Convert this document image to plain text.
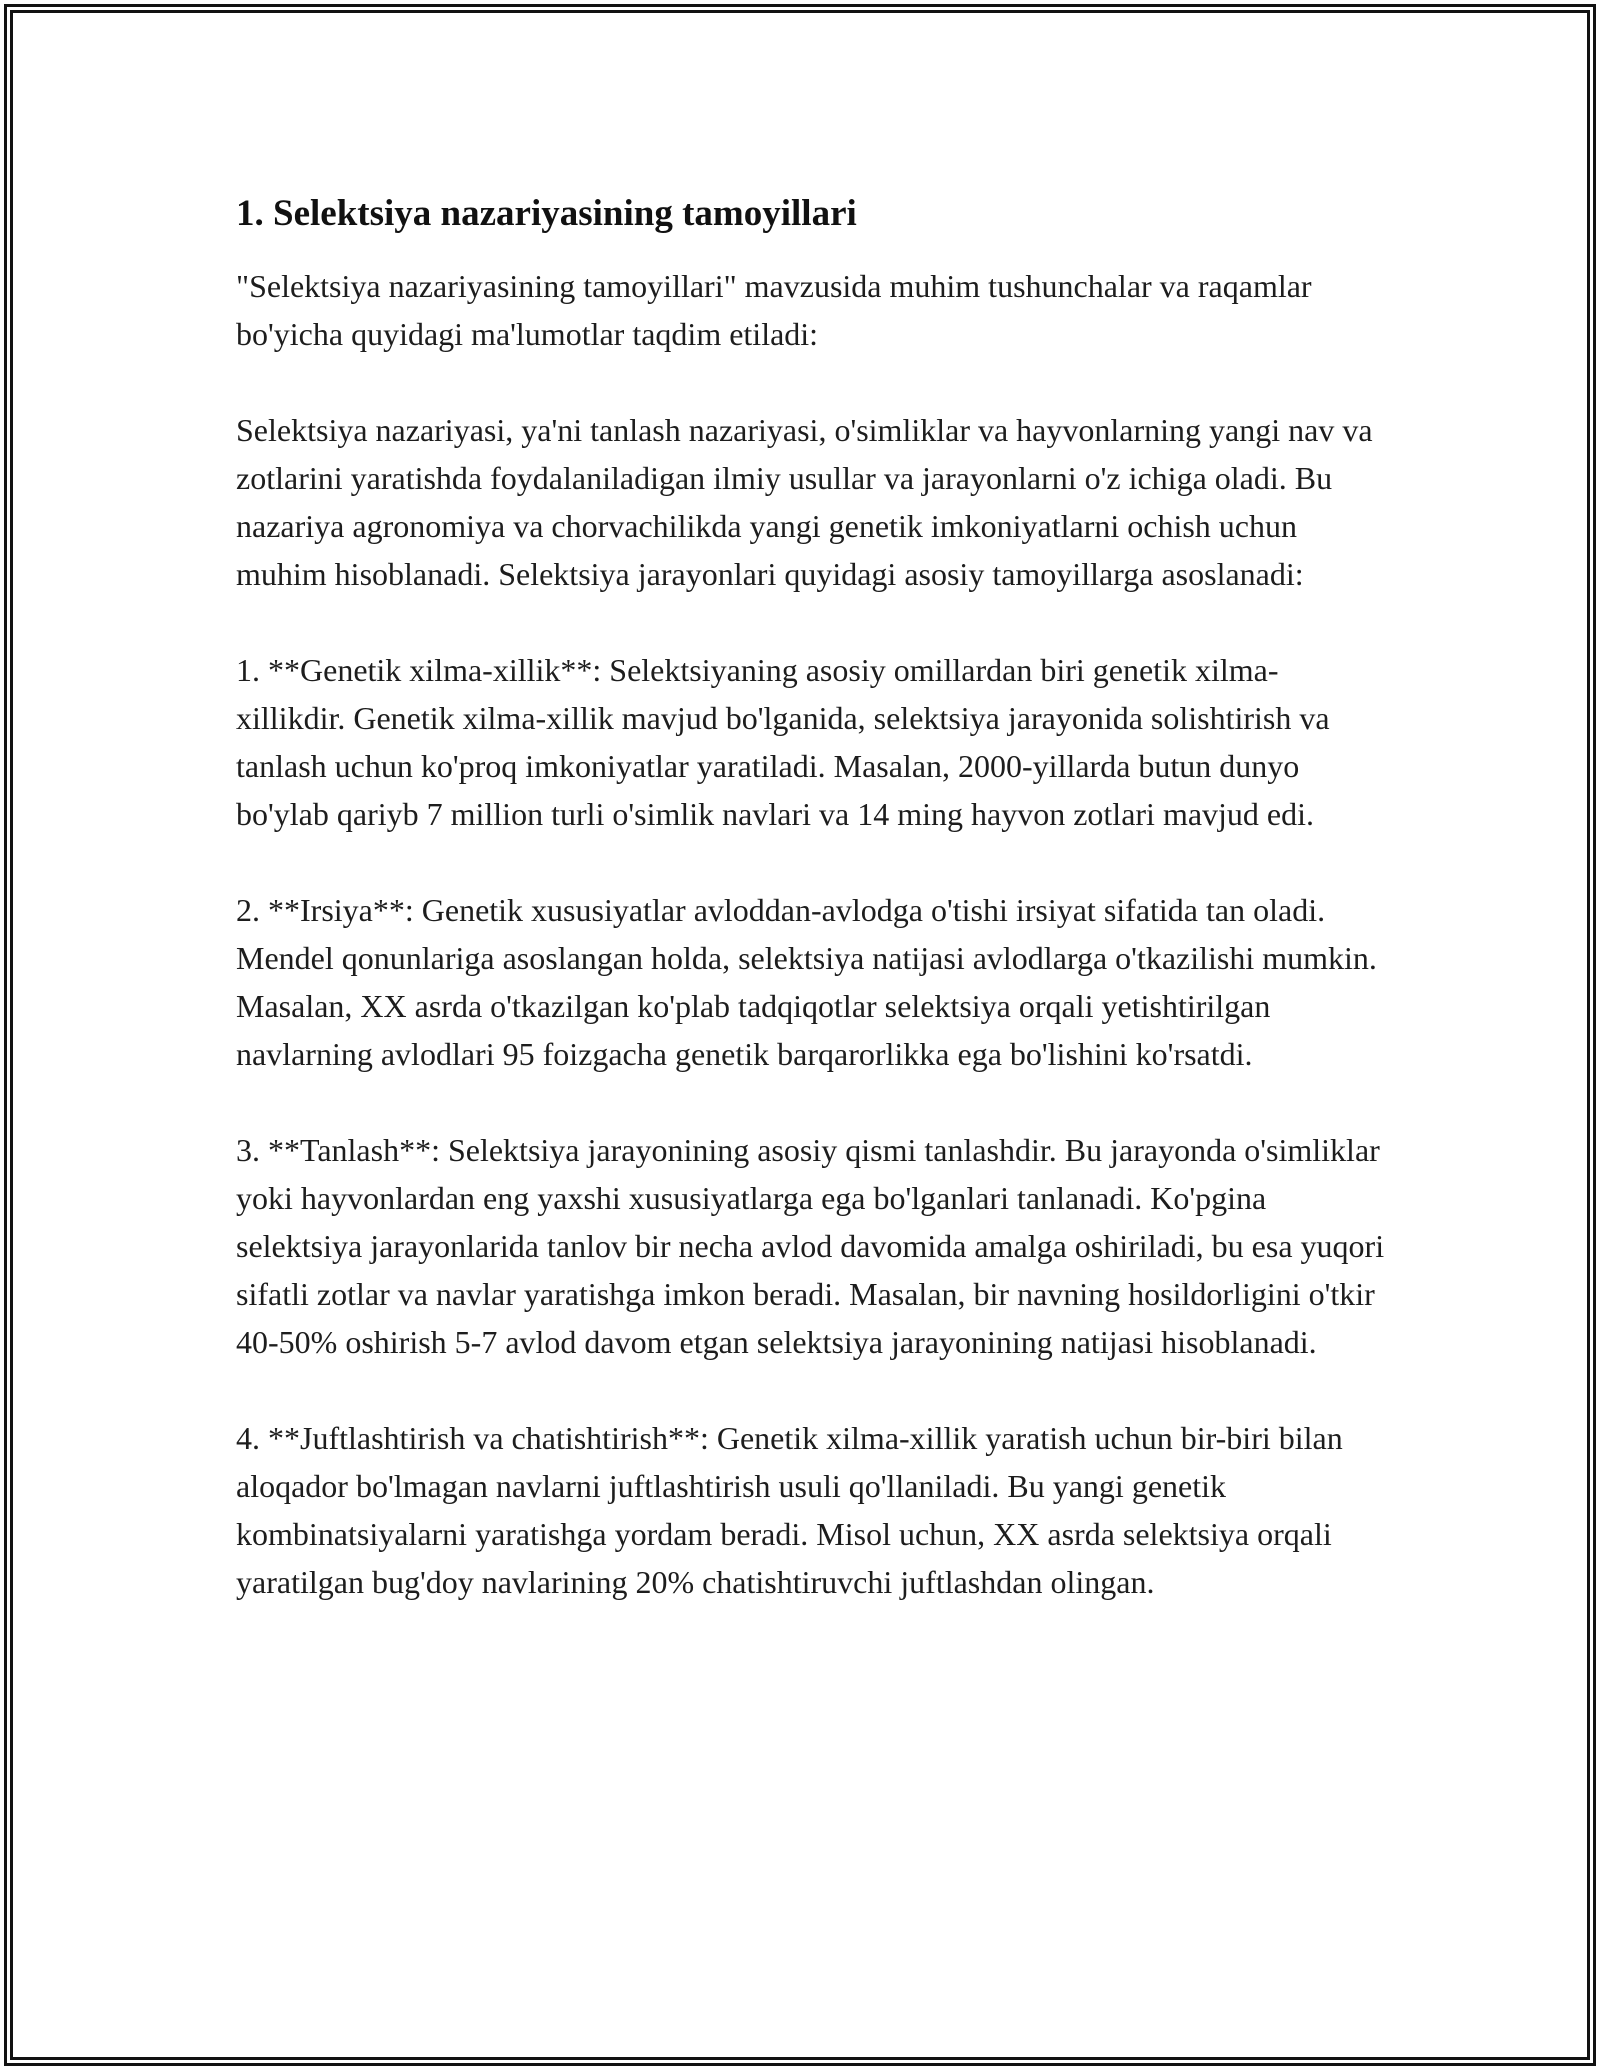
1. Selektsiya nazariyasining tamoyillari

"Selektsiya nazariyasining tamoyillari" mavzusida muhim tushunchalar va raqamlar bo'yicha quyidagi ma'lumotlar taqdim etiladi:

Selektsiya nazariyasi, ya'ni tanlash nazariyasi, o'simliklar va hayvonlarning yangi nav va zotlarini yaratishda foydalaniladigan ilmiy usullar va jarayonlarni o'z ichiga oladi. Bu nazariya agronomiya va chorvachilikda yangi genetik imkoniyatlarni ochish uchun muhim hisoblanadi. Selektsiya jarayonlari quyidagi asosiy tamoyillarga asoslanadi:

1. **Genetik xilma-xillik**: Selektsiyaning asosiy omillardan biri genetik xilma-xillikdir. Genetik xilma-xillik mavjud bo'lganida, selektsiya jarayonida solishtirish va tanlash uchun ko'proq imkoniyatlar yaratiladi. Masalan, 2000-yillarda butun dunyo bo'ylab qariyb 7 million turli o'simlik navlari va 14 ming hayvon zotlari mavjud edi.

2. **Irsiya**: Genetik xususiyatlar avloddan-avlodga o'tishi irsiyat sifatida tan oladi. Mendel qonunlariga asoslangan holda, selektsiya natijasi avlodlarga o'tkazilishi mumkin. Masalan, XX asrda o'tkazilgan ko'plab tadqiqotlar selektsiya orqali yetishtirilgan navlarning avlodlari 95 foizgacha genetik barqarorlikka ega bo'lishini ko'rsatdi.

3. **Tanlash**: Selektsiya jarayonining asosiy qismi tanlashdir. Bu jarayonda o'simliklar yoki hayvonlardan eng yaxshi xususiyatlarga ega bo'lganlari tanlanadi. Ko'pgina selektsiya jarayonlarida tanlov bir necha avlod davomida amalga oshiriladi, bu esa yuqori sifatli zotlar va navlar yaratishga imkon beradi. Masalan, bir navning hosildorligini o'tkir 40-50% oshirish 5-7 avlod davom etgan selektsiya jarayonining natijasi hisoblanadi.

4. **Juftlashtirish va chatishtirish**: Genetik xilma-xillik yaratish uchun bir-biri bilan aloqador bo'lmagan navlarni juftlashtirish usuli qo'llaniladi. Bu yangi genetik kombinatsiyalarni yaratishga yordam beradi. Misol uchun, XX asrda selektsiya orqali yaratilgan bug'doy navlarining 20% chatishtiruvchi juftlashdan olingan.
